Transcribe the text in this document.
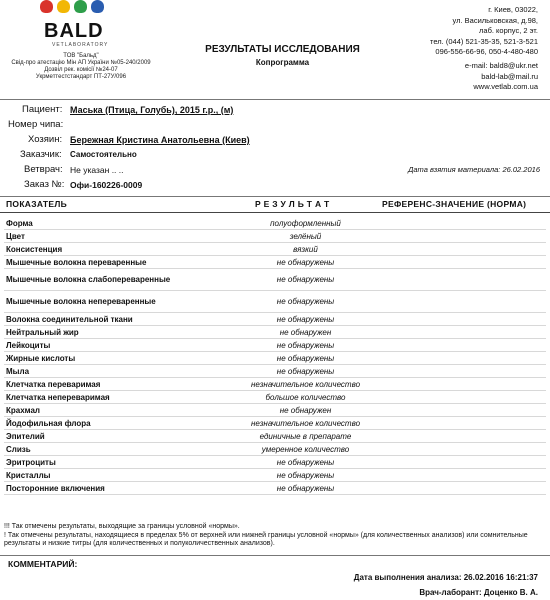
BALD
VETLABORATORY
ТОВ "Бальд"
Свід-про атестацію Мін АП України №05-240/2009
Дозвіл рек. комісії №24-07
Укрметтестстандарт ПТ-27У/096
РЕЗУЛЬТАТЫ ИССЛЕДОВАНИЯ
Копрограмма
г. Киев, 03022,
ул. Васильковская, д.98,
лаб. корпус, 2 эт.
тел. (044) 521-35-35, 521-3-521
096-556-66-96, 050-4-480-480
e-mail: bald8@ukr.net
bald-lab@mail.ru
www.vetlab.com.ua
Пациент: Маська (Птица, Голубь), 2015 г.р., (м)
Номер чипа:
Хозяин: Бережная Кристина Анатольевна (Киев)
Заказчик: Самостоятельно
Ветврач: Не указан .. ..	Дата взятия материала: 26.02.2016
Заказ №: Офи-160226-0009
ПОКАЗАТЕЛЬ	Р Е З У Л Ь Т А Т	РЕФЕРЕНС-ЗНАЧЕНИЕ (НОРМА)
Форма	полуоформленный	
Цвет	зелёный	
Консистенция	вязкий	
Мышечные волокна переваренные	не обнаружены	
Мышечные волокна слабопереваренные	не обнаружены	
Мышечные волокна непереваренные	не обнаружены	
Волокна соединительной ткани	не обнаружены	
Нейтральный жир	не обнаружен	
Лейкоциты	не обнаружены	
Жирные кислоты	не обнаружены	
Мыла	не обнаружены	
Клетчатка переваримая	незначительное количество	
Клетчатка непереваримая	большое количество	
Крахмал	не обнаружен	
Йодофильная флора	незначительное количество	
Эпителий	единичные в препарате	
Слизь	умеренное количество	
Эритроциты	не обнаружены	
Кристаллы	не обнаружены	
Посторонние включения	не обнаружены	
!!! Так отмечены результаты, выходящие за границы условной «нормы».
! Так отмечены результаты, находящиеся в пределах 5% от верхней или нижней границы условной «нормы» (для количественных анализов) или сомнительные результаты и низкие титры (для количественных и полуколичественных анализов).
КОММЕНТАРИЙ:
Дата выполнения анализа: 26.02.2016 16:21:37
Врач-лаборант: Доценко В. А.
